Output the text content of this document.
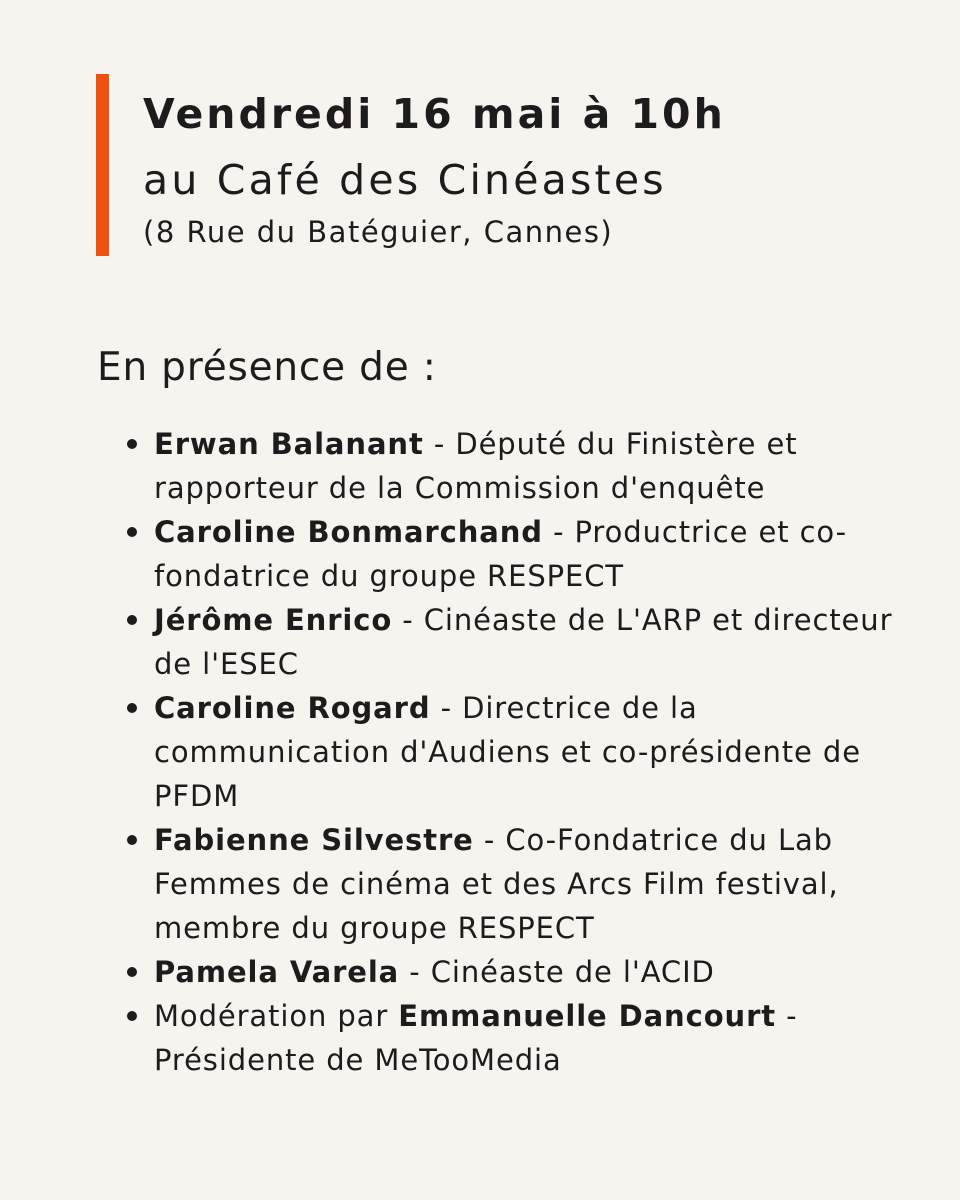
Vendredi 16 mai à 10h
au Café des Cinéastes

(8 Rue du Batéguier, Cannes)

En présence de :
Erwan Balanant - Député du Finistère et rapporteur de la Commission d'enquête
Caroline Bonmarchand - Productrice et co-fondatrice du groupe RESPECT
Jérôme Enrico - Cinéaste de L'ARP et directeur de l'ESEC
Caroline Rogard - Directrice de la communication d'Audiens et co-présidente de PFDM
Fabienne Silvestre - Co-Fondatrice du Lab Femmes de cinéma et des Arcs Film festival, membre du groupe RESPECT
Pamela Varela - Cinéaste de l'ACID
Modération par Emmanuelle Dancourt - Présidente de MeTooMedia
